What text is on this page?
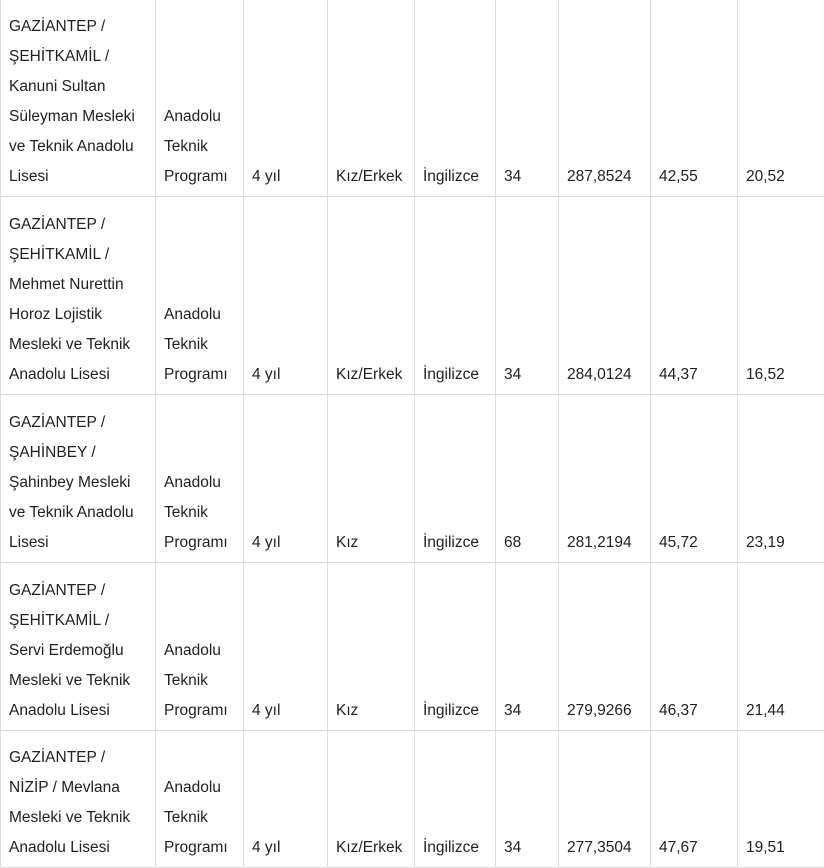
GAZİANTEP / ŞEHİTKAMİL / Kanuni Sultan Süleyman Mesleki ve Teknik Anadolu Lisesi	Anadolu Teknik Programı	4 yıl	Kız/Erkek	İngilizce	34	287,8524	42,55	20,52
GAZİANTEP / ŞEHİTKAMİL / Mehmet Nurettin Horoz Lojistik Mesleki ve Teknik Anadolu Lisesi	Anadolu Teknik Programı	4 yıl	Kız/Erkek	İngilizce	34	284,0124	44,37	16,52
GAZİANTEP / ŞAHİNBEY / Şahinbey Mesleki ve Teknik Anadolu Lisesi	Anadolu Teknik Programı	4 yıl	Kız	İngilizce	68	281,2194	45,72	23,19
GAZİANTEP / ŞEHİTKAMİL / Servi Erdemoğlu Mesleki ve Teknik Anadolu Lisesi	Anadolu Teknik Programı	4 yıl	Kız	İngilizce	34	279,9266	46,37	21,44
GAZİANTEP / NİZİP / Mevlana Mesleki ve Teknik Anadolu Lisesi	Anadolu Teknik Programı	4 yıl	Kız/Erkek	İngilizce	34	277,3504	47,67	19,51
